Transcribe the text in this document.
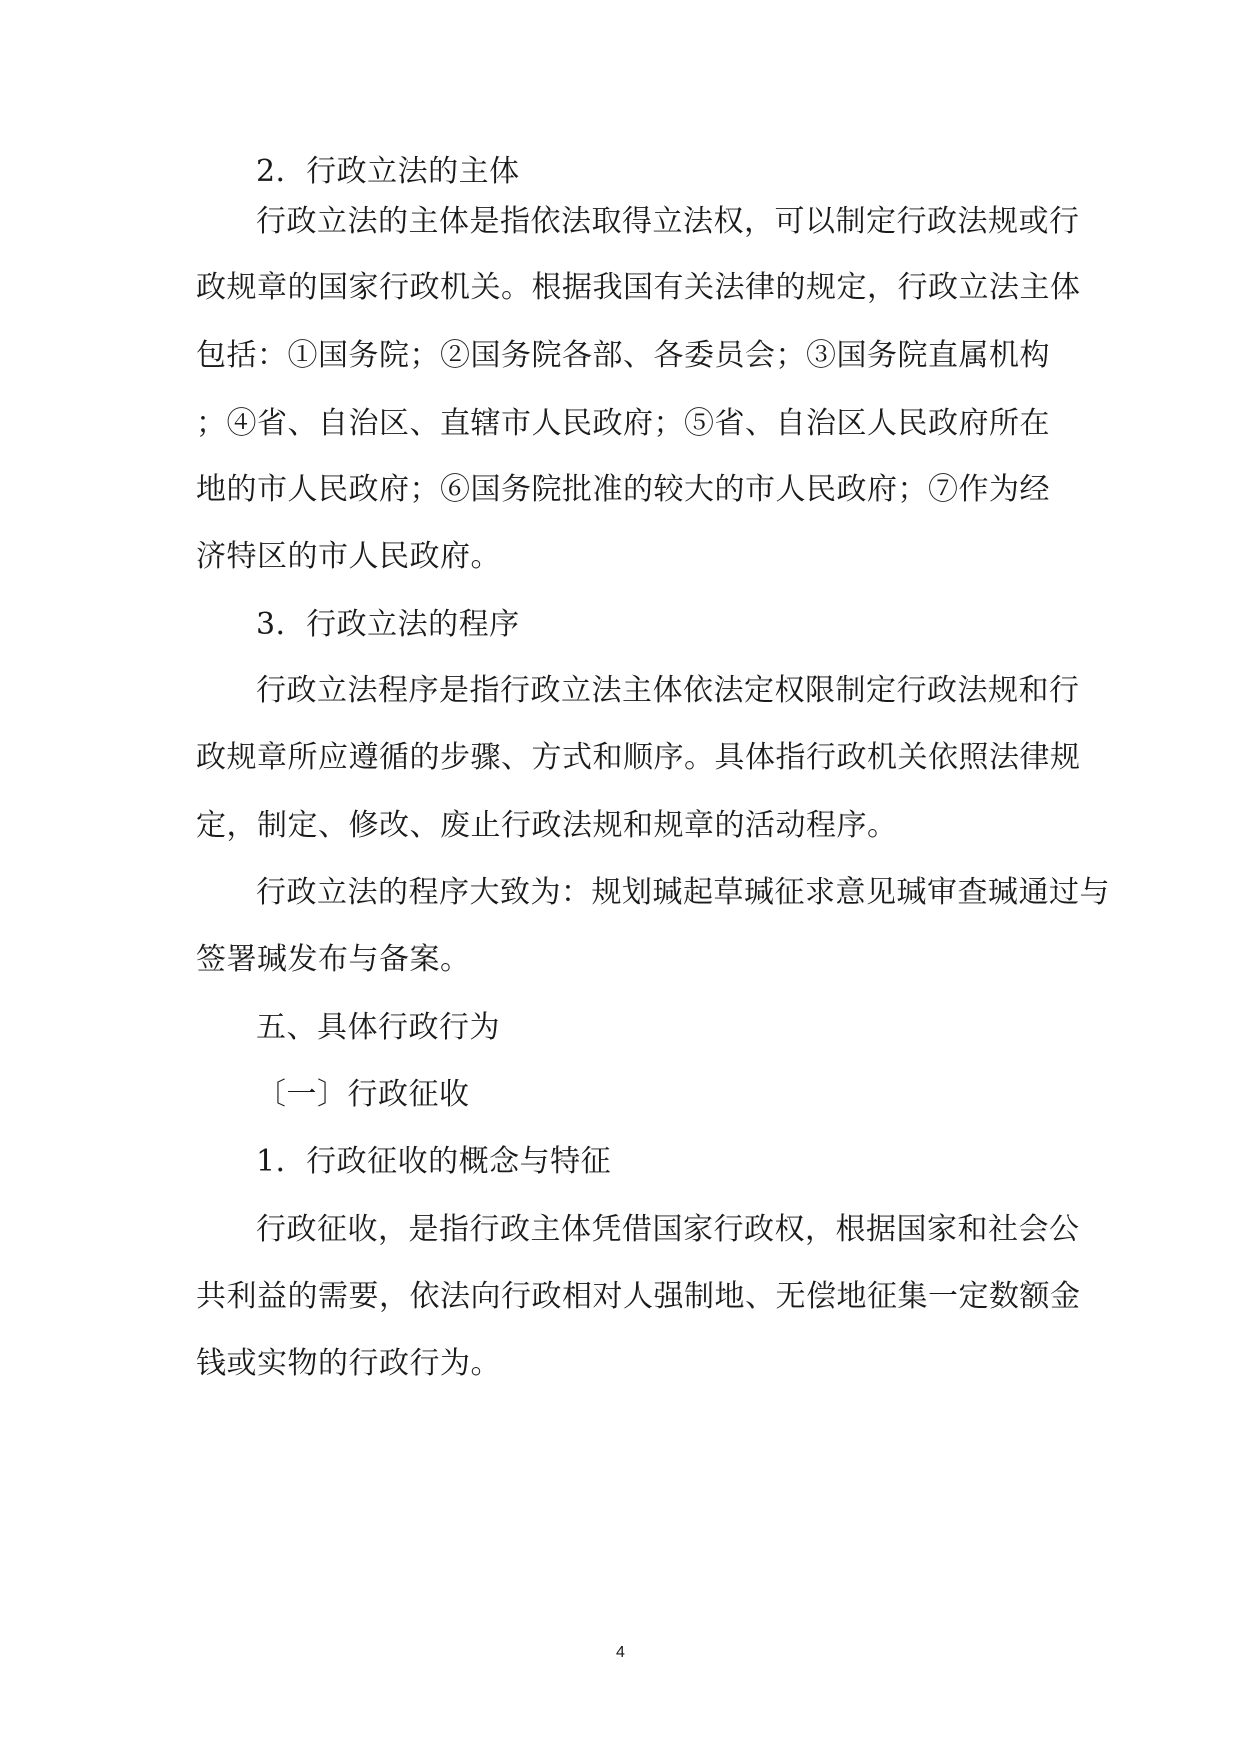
2．行政立法的主体
行政立法的主体是指依法取得立法权，可以制定行政法规或行
政规章的国家行政机关。根据我国有关法律的规定，行政立法主体
包括：①国务院；②国务院各部、各委员会；③国务院直属机构
；④省、自治区、直辖市人民政府；⑤省、自治区人民政府所在
地的市人民政府；⑥国务院批准的较大的市人民政府；⑦作为经
济特区的市人民政府。
3．行政立法的程序
行政立法程序是指行政立法主体依法定权限制定行政法规和行
政规章所应遵循的步骤、方式和顺序。具体指行政机关依照法律规
定，制定、修改、废止行政法规和规章的活动程序。
行政立法的程序大致为：规划瑊起草瑊征求意见瑊审查瑊通过与
签署瑊发布与备案。
五、具体行政行为
〔一〕行政征收
1．行政征收的概念与特征
行政征收，是指行政主体凭借国家行政权，根据国家和社会公
共利益的需要，依法向行政相对人强制地、无偿地征集一定数额金
钱或实物的行政行为。
4
